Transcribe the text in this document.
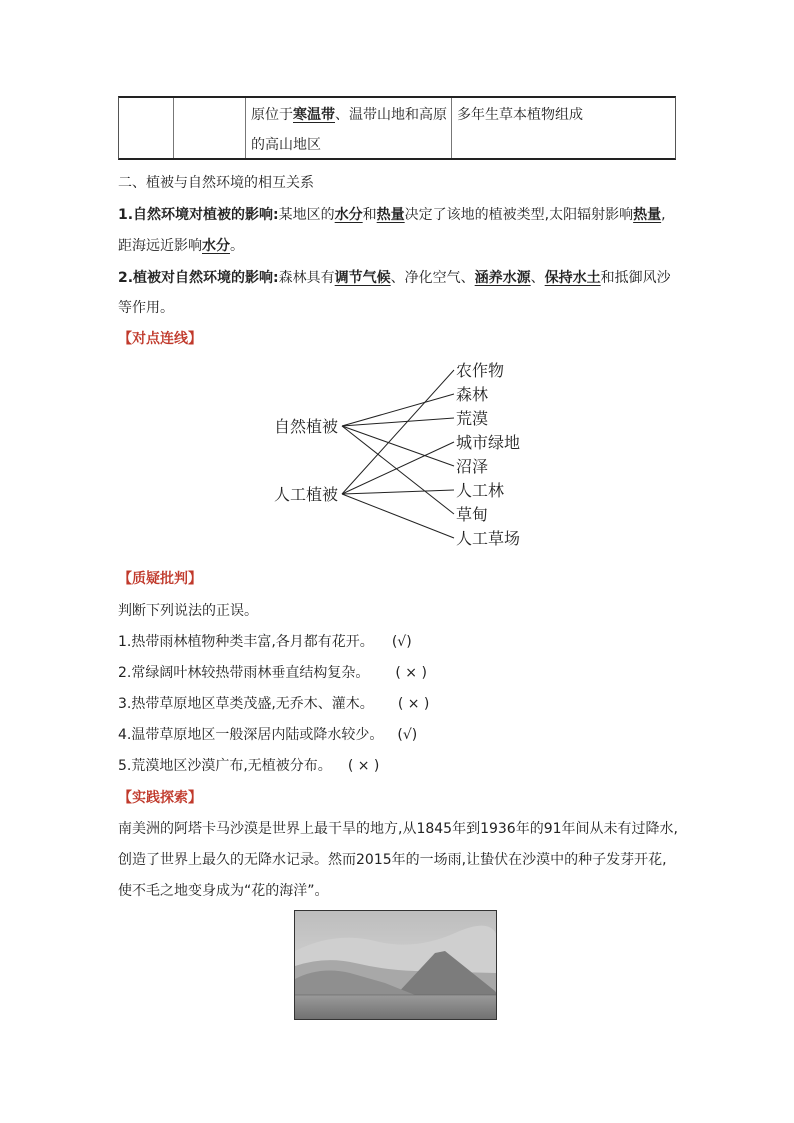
原位于寒温带、温带山地和高原
的高山地区
多年生草本植物组成
二、植被与自然环境的相互关系
1.自然环境对植被的影响:某地区的水分和热量决定了该地的植被类型,太阳辐射影响热量,
距海远近影响水分。
2.植被对自然环境的影响:森林具有调节气候、净化空气、涵养水源、保持水土和抵御风沙
等作用。
【对点连线】
自然植被
人工植被
农作物
森林
荒漠
城市绿地
沼泽
人工林
草甸
人工草场
【质疑批判】
判断下列说法的正误。
1.热带雨林植物种类丰富,各月都有花开。 (√)
2.常绿阔叶林较热带雨林垂直结构复杂。 ( × )
3.热带草原地区草类茂盛,无乔木、灌木。 ( × )
4.温带草原地区一般深居内陆或降水较少。 (√)
5.荒漠地区沙漠广布,无植被分布。 ( × )
【实践探索】
南美洲的阿塔卡马沙漠是世界上最干旱的地方,从1845年到1936年的91年间从未有过降水,
创造了世界上最久的无降水记录。然而2015年的一场雨,让蛰伏在沙漠中的种子发芽开花,
使不毛之地变身成为“花的海洋”。
